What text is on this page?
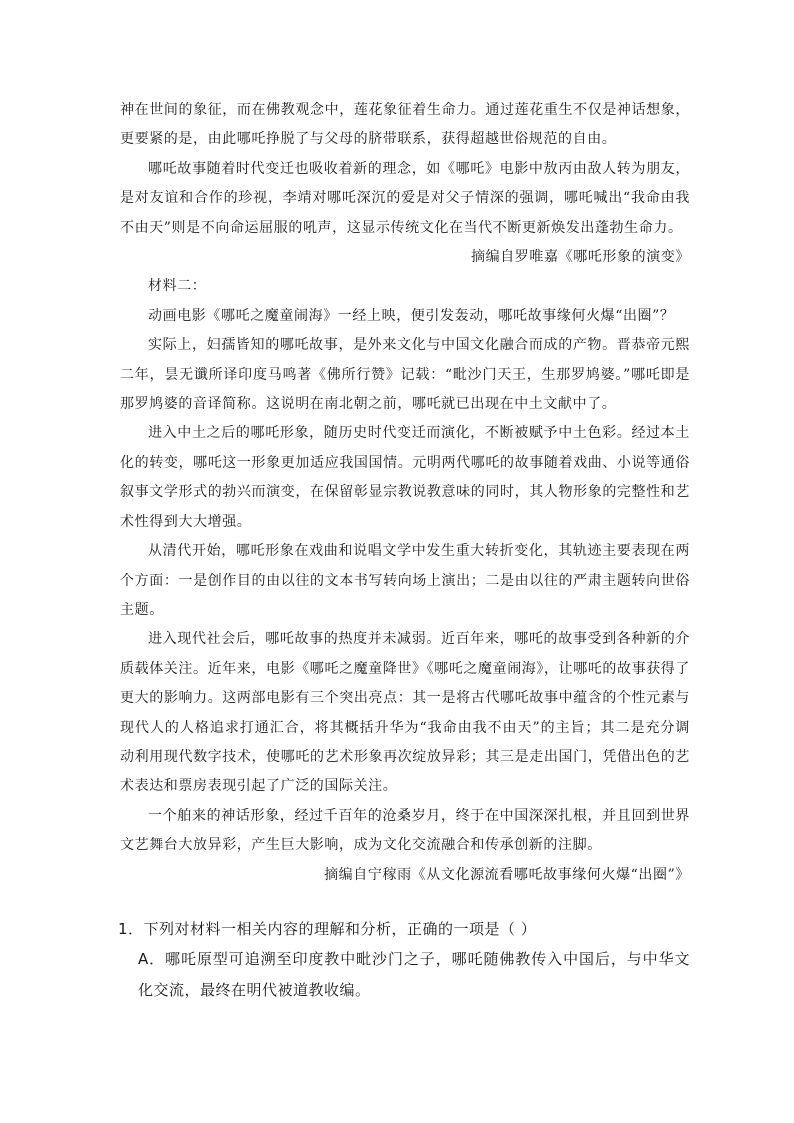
神在世间的象征，而在佛教观念中，莲花象征着生命力。通过莲花重生不仅是神话想象，更要紧的是，由此哪吒挣脱了与父母的脐带联系，获得超越世俗规范的自由。

哪吒故事随着时代变迁也吸收着新的理念，如《哪吒》电影中敖丙由敌人转为朋友，是对友谊和合作的珍视，李靖对哪吒深沉的爱是对父子情深的强调，哪吒喊出“我命由我不由天”则是不向命运屈服的吼声，这显示传统文化在当代不断更新焕发出蓬勃生命力。

摘编自罗唯嘉《哪吒形象的演变》

材料二：

动画电影《哪吒之魔童闹海》一经上映，便引发轰动，哪吒故事缘何火爆“出圈”？

实际上，妇孺皆知的哪吒故事，是外来文化与中国文化融合而成的产物。晋恭帝元熙二年，昙无谶所译印度马鸣著《佛所行赞》记载：“毗沙门天王，生那罗鸠婆。”哪吒即是那罗鸠婆的音译简称。这说明在南北朝之前，哪吒就已出现在中土文献中了。

进入中土之后的哪吒形象，随历史时代变迁而演化，不断被赋予中土色彩。经过本土化的转变，哪吒这一形象更加适应我国国情。元明两代哪吒的故事随着戏曲、小说等通俗叙事文学形式的勃兴而演变，在保留彰显宗教说教意味的同时，其人物形象的完整性和艺术性得到大大增强。

从清代开始，哪吒形象在戏曲和说唱文学中发生重大转折变化，其轨迹主要表现在两个方面：一是创作目的由以往的文本书写转向场上演出；二是由以往的严肃主题转向世俗主题。

进入现代社会后，哪吒故事的热度并未减弱。近百年来，哪吒的故事受到各种新的介质载体关注。近年来，电影《哪吒之魔童降世》《哪吒之魔童闹海》，让哪吒的故事获得了更大的影响力。这两部电影有三个突出亮点：其一是将古代哪吒故事中蕴含的个性元素与现代人的人格追求打通汇合，将其概括升华为“我命由我不由天”的主旨；其二是充分调动利用现代数字技术，使哪吒的艺术形象再次绽放异彩；其三是走出国门，凭借出色的艺术表达和票房表现引起了广泛的国际关注。

一个舶来的神话形象，经过千百年的沧桑岁月，终于在中国深深扎根，并且回到世界文艺舞台大放异彩，产生巨大影响，成为文化交流融合和传承创新的注脚。

摘编自宁稼雨《从文化源流看哪吒故事缘何火爆“出圈”》
1．下列对材料一相关内容的理解和分析，正确的一项是（ ）
A．哪吒原型可追溯至印度教中毗沙门之子，哪吒随佛教传入中国后，与中华文化交流，最终在明代被道教收编。
